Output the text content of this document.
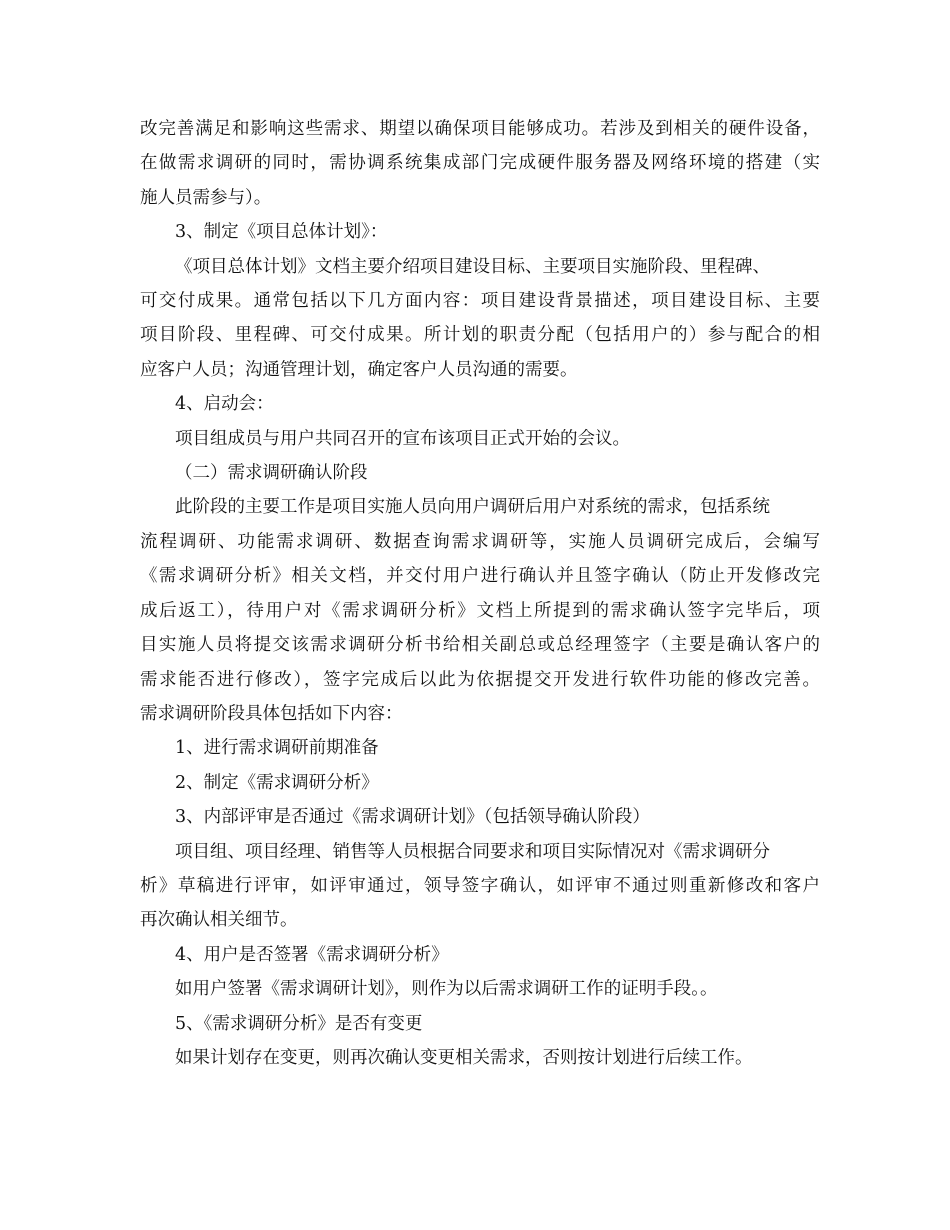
改完善满足和影响这些需求、期望以确保项目能够成功。若涉及到相关的硬件设备，
在做需求调研的同时，需协调系统集成部门完成硬件服务器及网络环境的搭建（实
施人员需参与）。

3、制定《项目总体计划》：

《项目总体计划》文档主要介绍项目建设目标、主要项目实施阶段、里程碑、
可交付成果。通常包括以下几方面内容：项目建设背景描述，项目建设目标、主要
项目阶段、里程碑、可交付成果。所计划的职责分配（包括用户的）参与配合的相
应客户人员；沟通管理计划，确定客户人员沟通的需要。

4、启动会：

项目组成员与用户共同召开的宣布该项目正式开始的会议。

（二）需求调研确认阶段

此阶段的主要工作是项目实施人员向用户调研后用户对系统的需求，包括系统
流程调研、功能需求调研、数据查询需求调研等，实施人员调研完成后，会编写
《需求调研分析》相关文档，并交付用户进行确认并且签字确认（防止开发修改完
成后返工），待用户对《需求调研分析》文档上所提到的需求确认签字完毕后，项
目实施人员将提交该需求调研分析书给相关副总或总经理签字（主要是确认客户的
需求能否进行修改），签字完成后以此为依据提交开发进行软件功能的修改完善。
需求调研阶段具体包括如下内容：

1、进行需求调研前期准备

2、制定《需求调研分析》

3、内部评审是否通过《需求调研计划》（包括领导确认阶段）

项目组、项目经理、销售等人员根据合同要求和项目实际情况对《需求调研分
析》草稿进行评审，如评审通过，领导签字确认，如评审不通过则重新修改和客户
再次确认相关细节。

4、用户是否签署《需求调研分析》

如用户签署《需求调研计划》，则作为以后需求调研工作的证明手段。。

5、《需求调研分析》是否有变更

如果计划存在变更，则再次确认变更相关需求，否则按计划进行后续工作。
